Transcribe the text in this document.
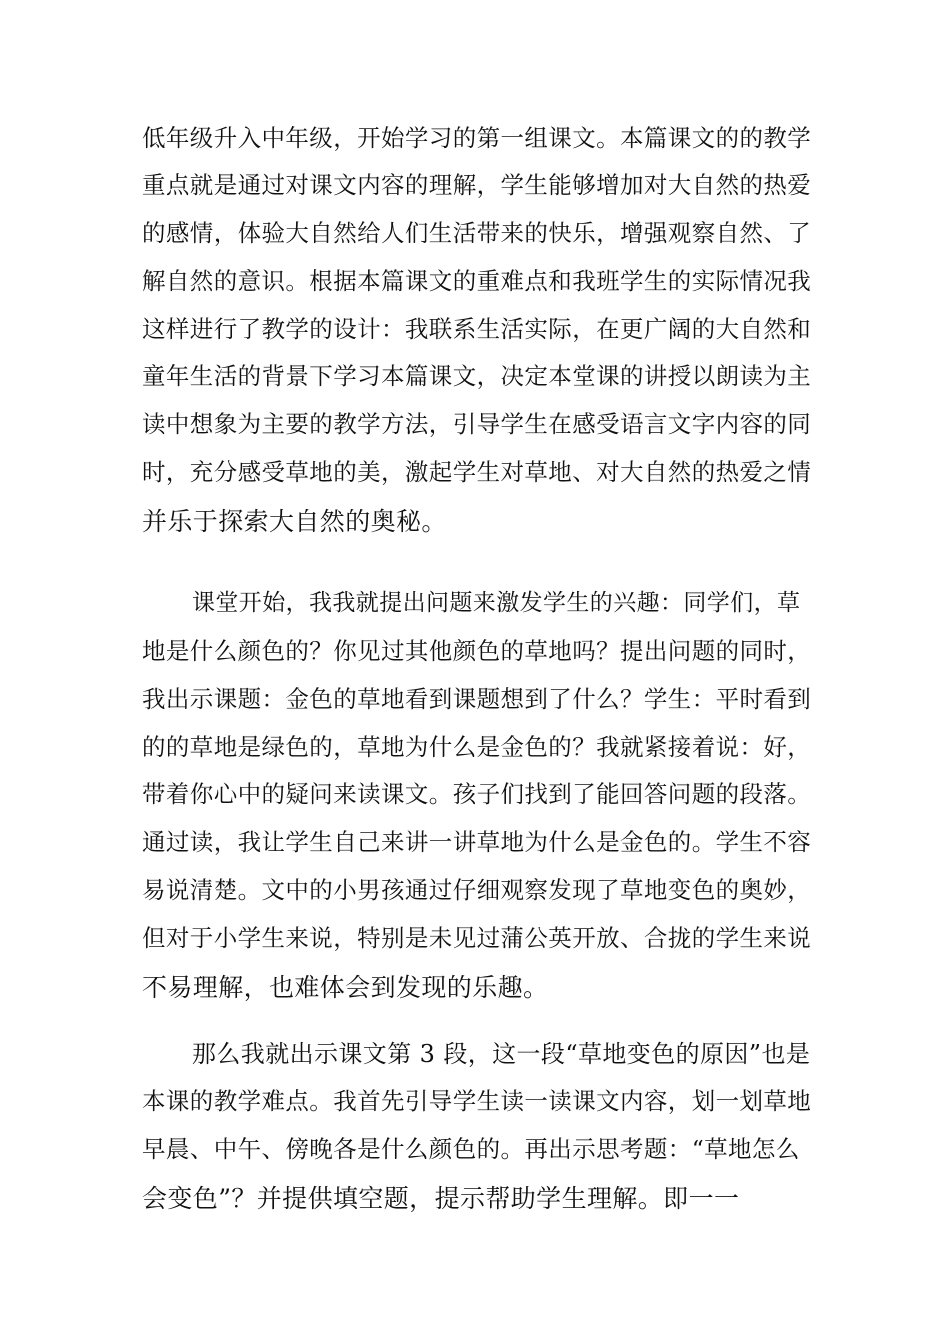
低年级升入中年级，开始学习的第一组课文。本篇课文的的教学
重点就是通过对课文内容的理解，学生能够增加对大自然的热爱
的感情，体验大自然给人们生活带来的快乐，增强观察自然、了
解自然的意识。根据本篇课文的重难点和我班学生的实际情况我
这样进行了教学的设计：我联系生活实际，在更广阔的大自然和
童年生活的背景下学习本篇课文，决定本堂课的讲授以朗读为主
读中想象为主要的教学方法，引导学生在感受语言文字内容的同
时，充分感受草地的美，激起学生对草地、对大自然的热爱之情
并乐于探索大自然的奥秘。
课堂开始，我我就提出问题来激发学生的兴趣：同学们，草
地是什么颜色的？你见过其他颜色的草地吗？提出问题的同时，
我出示课题：金色的草地看到课题想到了什么？学生：平时看到
的的草地是绿色的，草地为什么是金色的？我就紧接着说：好，
带着你心中的疑问来读课文。孩子们找到了能回答问题的段落。
通过读，我让学生自己来讲一讲草地为什么是金色的。学生不容
易说清楚。文中的小男孩通过仔细观察发现了草地变色的奥妙，
但对于小学生来说，特别是未见过蒲公英开放、合拢的学生来说
不易理解，也难体会到发现的乐趣。
那么我就出示课文第 3 段，这一段“草地变色的原因”也是
本课的教学难点。我首先引导学生读一读课文内容，划一划草地
早晨、中午、傍晚各是什么颜色的。再出示思考题：“草地怎么
会变色”？并提供填空题，提示帮助学生理解。即一一
